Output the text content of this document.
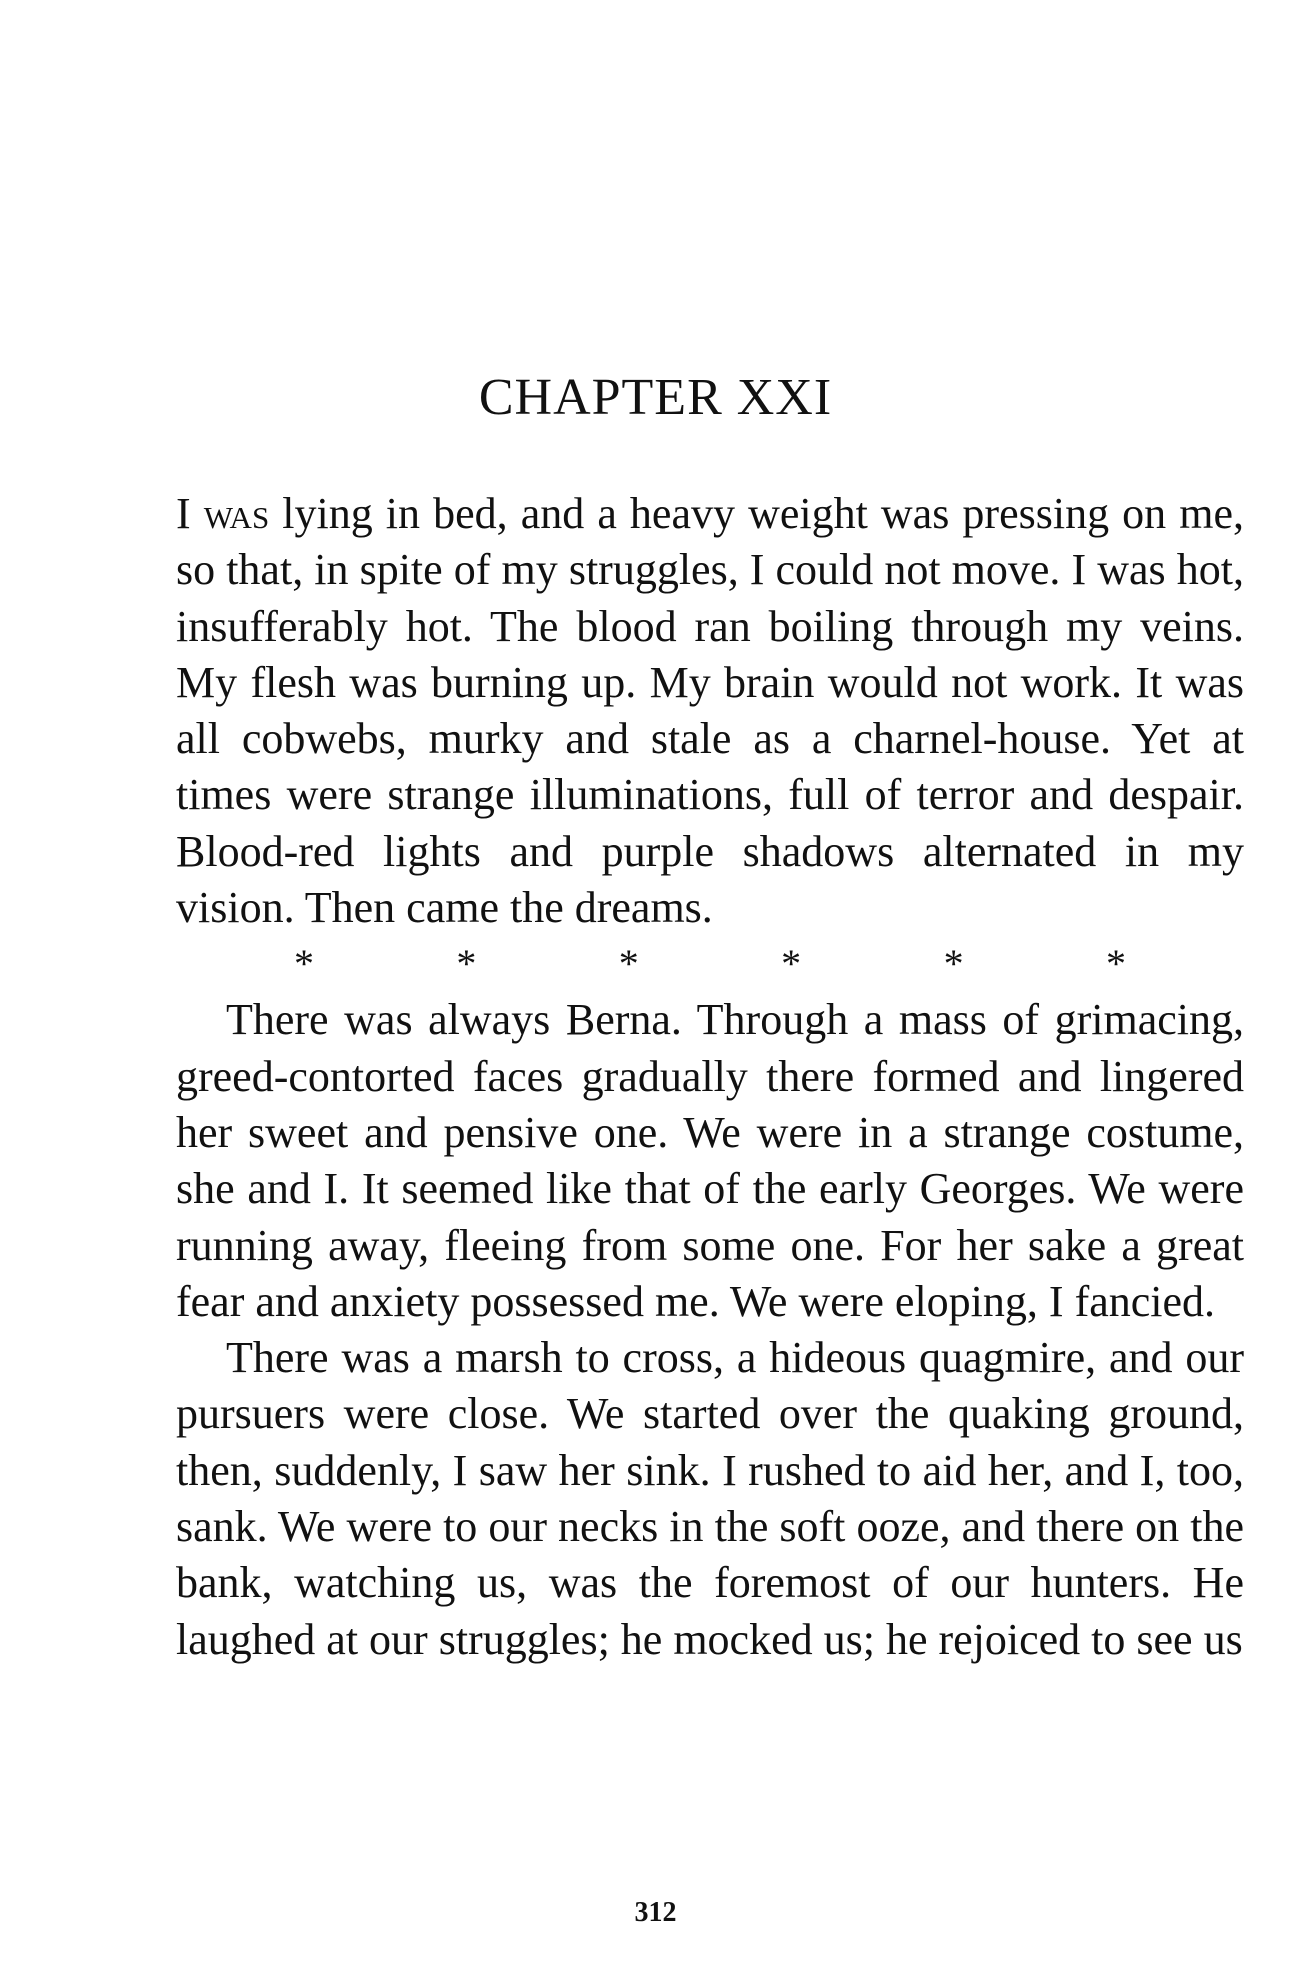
CHAPTER XXI

I was lying in bed, and a heavy weight was pressing on me, so that, in spite of my struggles, I could not move. I was hot, insufferably hot. The blood ran boiling through my veins. My flesh was burning up. My brain would not work. It was all cobwebs, murky and stale as a charnel-house. Yet at times were strange illuminations, full of terror and despair. Blood-red lights and purple shadows alternated in my vision. Then came the dreams.

*	*	*	*	*	*

There was always Berna. Through a mass of grimacing, greed-contorted faces gradually there formed and lingered her sweet and pensive one. We were in a strange costume, she and I. It seemed like that of the early Georges. We were running away, fleeing from some one. For her sake a great fear and anxiety possessed me. We were eloping, I fancied.

There was a marsh to cross, a hideous quagmire, and our pursuers were close. We started over the quaking ground, then, suddenly, I saw her sink. I rushed to aid her, and I, too, sank. We were to our necks in the soft ooze, and there on the bank, watching us, was the foremost of our hunters. He laughed at our struggles; he mocked us; he rejoiced to see us

312
